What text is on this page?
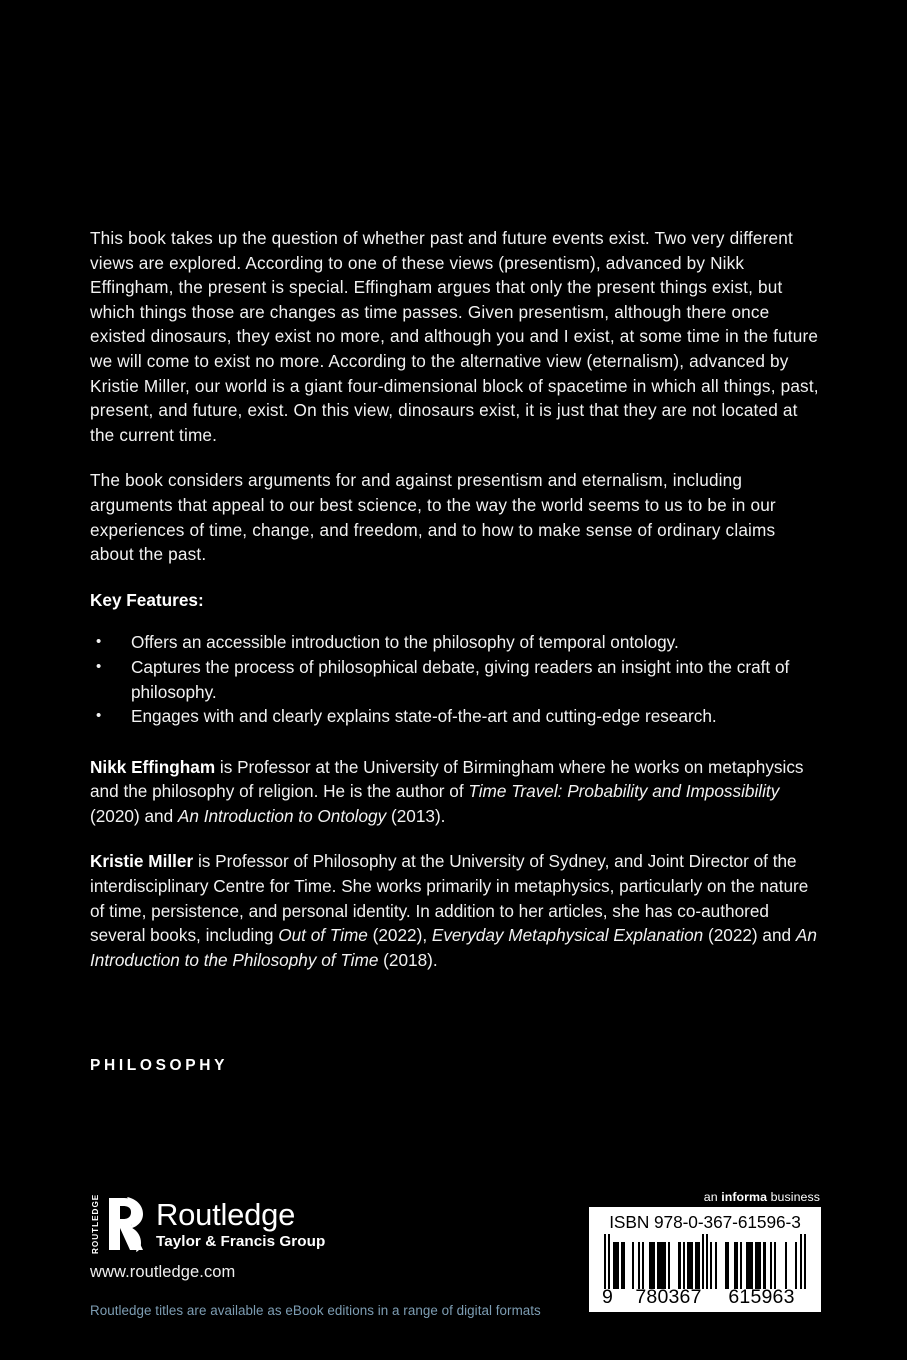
This book takes up the question of whether past and future events exist. Two very different views are explored. According to one of these views (presentism), advanced by Nikk Effingham, the present is special. Effingham argues that only the present things exist, but which things those are changes as time passes. Given presentism, although there once existed dinosaurs, they exist no more, and although you and I exist, at some time in the future we will come to exist no more. According to the alternative view (eternalism), advanced by Kristie Miller, our world is a giant four-dimensional block of spacetime in which all things, past, present, and future, exist. On this view, dinosaurs exist, it is just that they are not located at the current time.

The book considers arguments for and against presentism and eternalism, including arguments that appeal to our best science, to the way the world seems to us to be in our experiences of time, change, and freedom, and to how to make sense of ordinary claims about the past.

Key Features:
• Offers an accessible introduction to the philosophy of temporal ontology.
• Captures the process of philosophical debate, giving readers an insight into the craft of philosophy.
• Engages with and clearly explains state-of-the-art and cutting-edge research.

Nikk Effingham is Professor at the University of Birmingham where he works on metaphysics and the philosophy of religion. He is the author of Time Travel: Probability and Impossibility (2020) and An Introduction to Ontology (2013).

Kristie Miller is Professor of Philosophy at the University of Sydney, and Joint Director of the interdisciplinary Centre for Time. She works primarily in metaphysics, particularly on the nature of time, persistence, and personal identity. In addition to her articles, she has co-authored several books, including Out of Time (2022), Everyday Metaphysical Explanation (2022) and An Introduction to the Philosophy of Time (2018).

PHILOSOPHY
ROUTLEDGE Routledge
Taylor & Francis Group
www.routledge.com
Routledge titles are available as eBook editions in a range of digital formats
an informa business
ISBN 978-0-367-61596-3
9	780367	615963
